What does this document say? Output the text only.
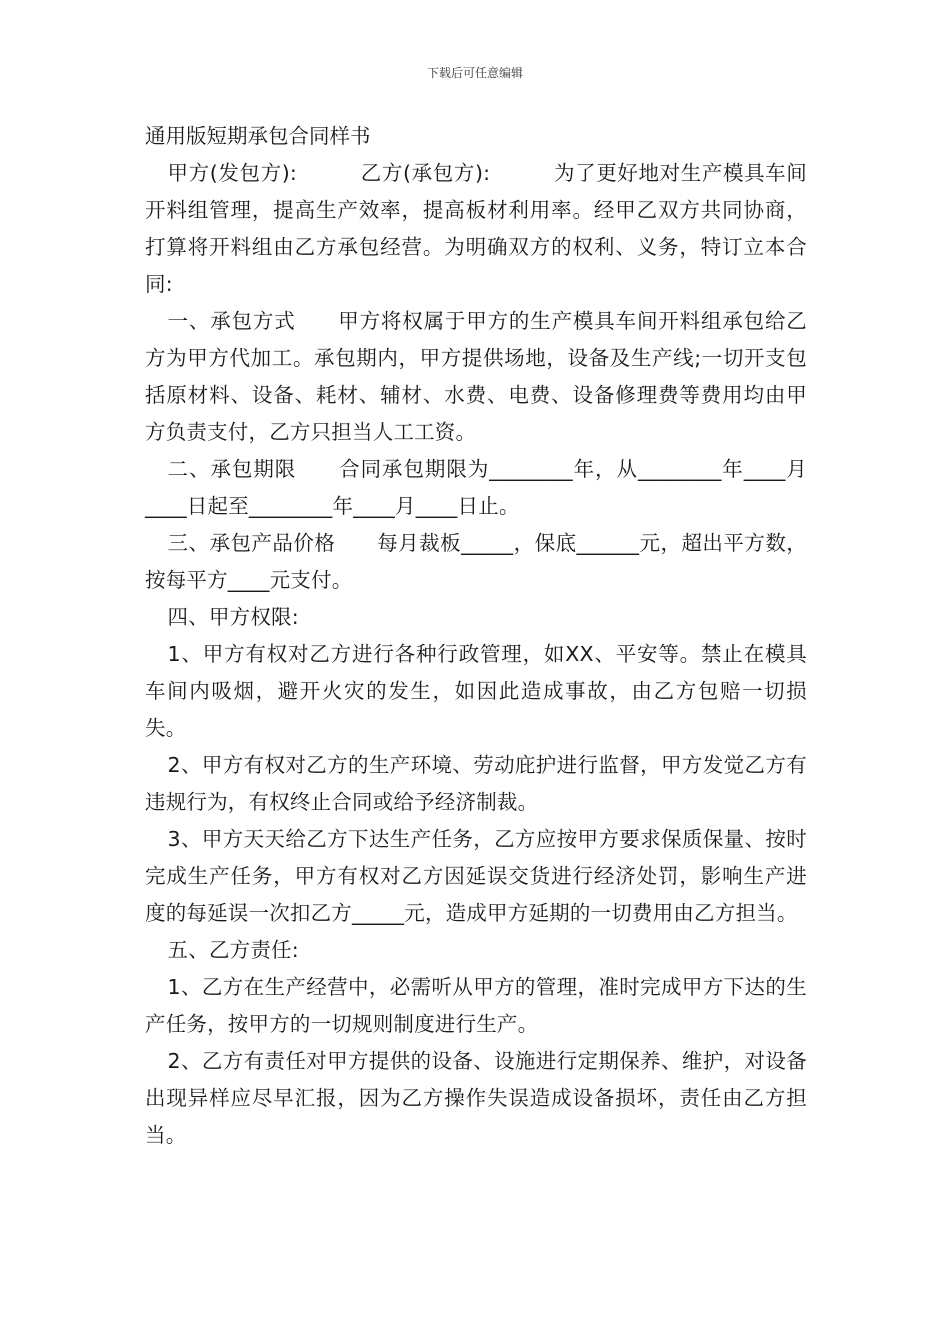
下载后可任意编辑
通用版短期承包合同样书

甲方(发包方):　　　乙方(承包方):　　　为了更好地对生产模具车间开料组管理，提高生产效率，提高板材利用率。经甲乙双方共同协商，打算将开料组由乙方承包经营。为明确双方的权利、义务，特订立本合同:

一、承包方式　　甲方将权属于甲方的生产模具车间开料组承包给乙方为甲方代加工。承包期内，甲方提供场地，设备及生产线;一切开支包括原材料、设备、耗材、辅材、水费、电费、设备修理费等费用均由甲方负责支付，乙方只担当人工工资。

二、承包期限　　合同承包期限为________年，从________年____月____日起至________年____月____日止。

三、承包产品价格　　每月裁板_____，保底______元，超出平方数，按每平方____元支付。

四、甲方权限:

1、甲方有权对乙方进行各种行政管理，如XX、平安等。禁止在模具车间内吸烟，避开火灾的发生，如因此造成事故，由乙方包赔一切损失。

2、甲方有权对乙方的生产环境、劳动庇护进行监督，甲方发觉乙方有违规行为，有权终止合同或给予经济制裁。

3、甲方天天给乙方下达生产任务，乙方应按甲方要求保质保量、按时完成生产任务，甲方有权对乙方因延误交货进行经济处罚，影响生产进度的每延误一次扣乙方_____元，造成甲方延期的一切费用由乙方担当。

五、乙方责任:

1、乙方在生产经营中，必需听从甲方的管理，准时完成甲方下达的生产任务，按甲方的一切规则制度进行生产。

2、乙方有责任对甲方提供的设备、设施进行定期保养、维护，对设备出现异样应尽早汇报，因为乙方操作失误造成设备损坏，责任由乙方担当。
